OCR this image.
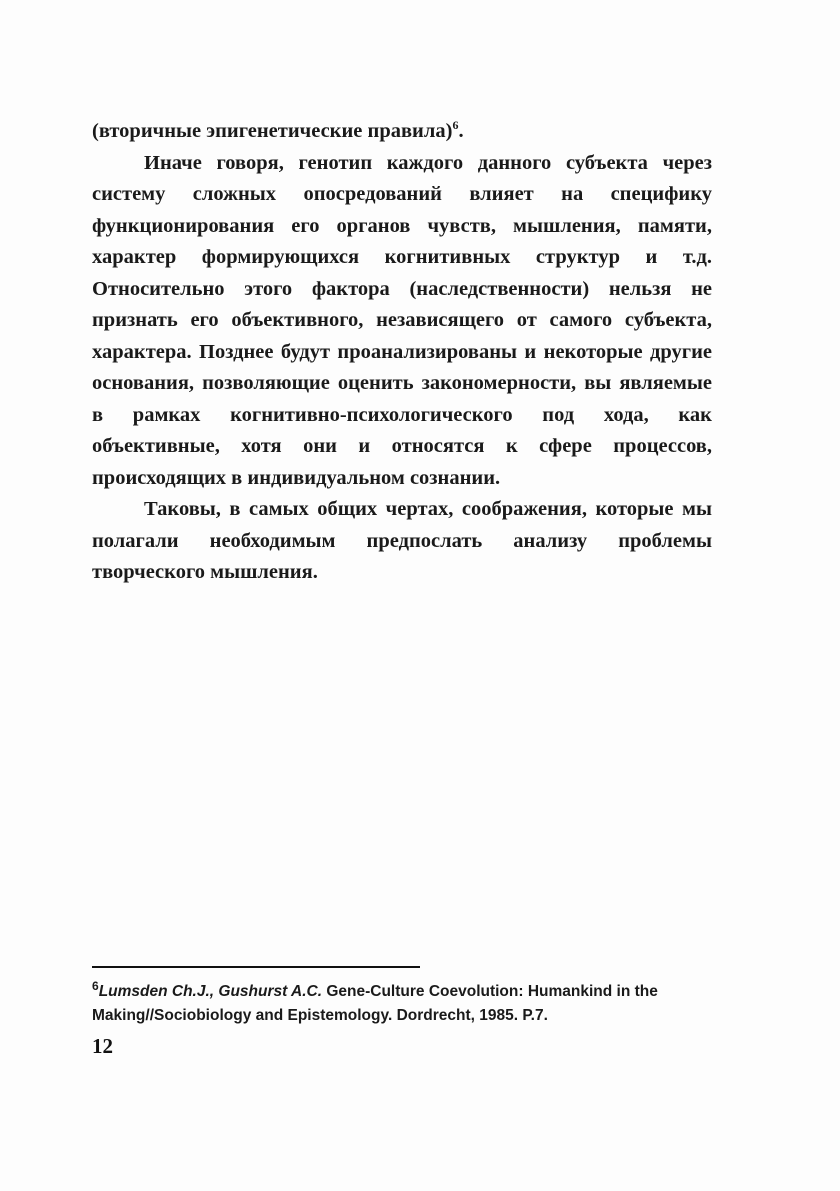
(вторичные эпигенетические правила)$^6$.

Иначе говоря, генотип каждого данного субъекта через систему сложных опосредований влияет на специфику функционирования его органов чувств, мышления, памяти, характер формирующихся когнитивных структур и т.д. Относительно этого фактора (наследственности) нельзя не признать его объективного, независящего от самого субъекта, характера. Позднее будут проанализированы и некоторые другие основания, позволяющие оценить закономерности, вы являемые в рамках когнитивно-психологического под хода, как объективные, хотя они и относятся к сфере процессов, происходящих в индивидуальном сознании.

Таковы, в самых общих чертах, соображения, которые мы полагали необходимым предпослать анализу проблемы творческого мышления.

$^6$Lumsden Ch.J., Gushurst A.C. Gene-Culture Coevolution: Humankind in the Making//Sociobiology and Epistemology. Dordrecht, 1985. P.7.
12
